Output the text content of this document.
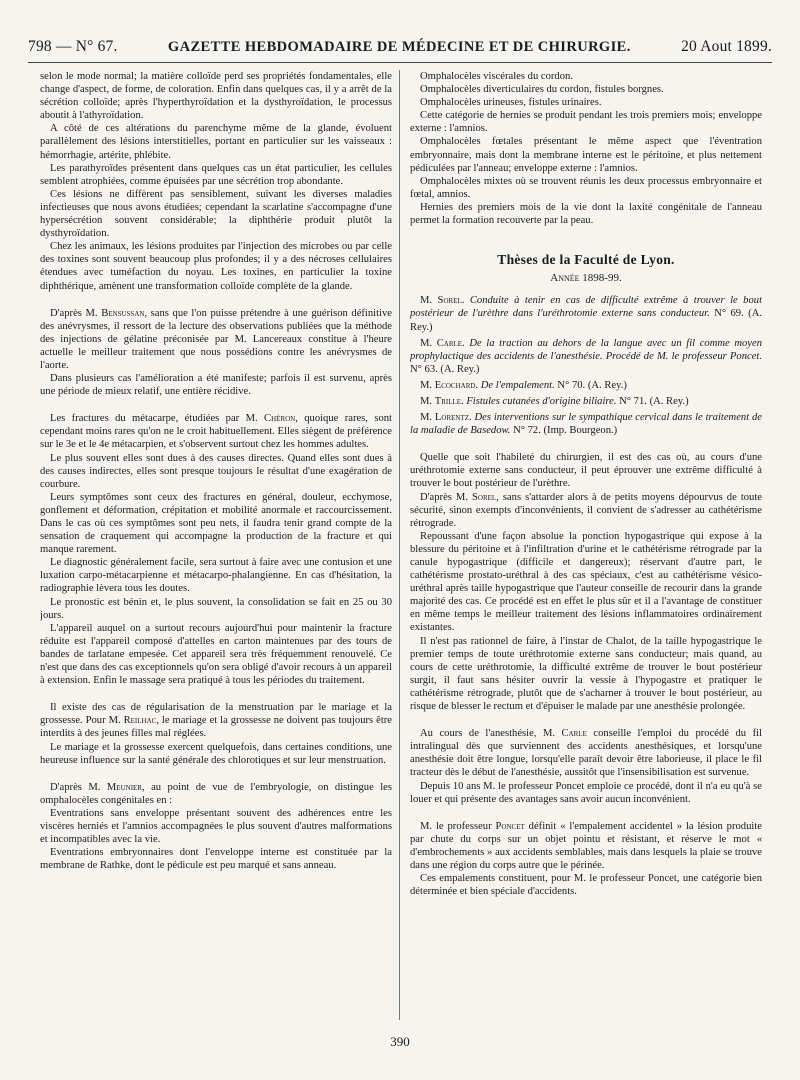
798 — N° 67.	GAZETTE HEBDOMADAIRE DE MÉDECINE ET DE CHIRURGIE.	20 Aout 1899.

selon le mode normal; la matière colloïde perd ses propriétés fondamentales, elle change d'aspect, de forme, de coloration. Enfin dans quelques cas, il y a arrêt de la sécrétion colloïde; après l'hyperthyroïdation et la dysthyroïdation, le processus aboutit à l'athyroïdation.

A côté de ces altérations du parenchyme même de la glande, évoluent parallèlement des lésions interstitielles, portant en particulier sur les vaisseaux : hémorrhagie, artérite, phlébite.

Les parathyroïdes présentent dans quelques cas un état particulier, les cellules semblent atrophiées, comme épuisées par une sécrétion trop abondante.

Ces lésions ne diffèrent pas sensiblement, suivant les diverses maladies infectieuses que nous avons étudiées; cependant la scarlatine s'accompagne d'une hypersécrétion souvent considérable; la diphthérie produit plutôt la dysthyroïdation.

Chez les animaux, les lésions produites par l'injection des microbes ou par celle des toxines sont souvent beaucoup plus profondes; il y a des nécroses cellulaires étendues avec tuméfaction du noyau. Les toxines, en particulier la toxine diphthérique, amènent une transformation colloïde complète de la glande.

D'après M. Bensussan, sans que l'on puisse prétendre à une guérison définitive des anévrysmes, il ressort de la lecture des observations publiées que la méthode des injections de gélatine préconisée par M. Lancereaux constitue à l'heure actuelle le meilleur traitement que nous possédions contre les anévrysmes de l'aorte.

Dans plusieurs cas l'amélioration a été manifeste; parfois il est survenu, après une période de mieux relatif, une entière récidive.

Les fractures du métacarpe, étudiées par M. Chéron, quoique rares, sont cependant moins rares qu'on ne le croit habituellement. Elles siègent de préférence sur le 3e et le 4e métacarpien, et s'observent surtout chez les hommes adultes.

Le plus souvent elles sont dues à des causes directes. Quand elles sont dues à des causes indirectes, elles sont presque toujours le résultat d'une exagération de courbure.

Leurs symptômes sont ceux des fractures en général, douleur, ecchymose, gonflement et déformation, crépitation et mobilité anormale et raccourcissement. Dans le cas où ces symptômes sont peu nets, il faudra tenir grand compte de la sensation de craquement qui accompagne la production de la fracture et qui manque rarement.

Le diagnostic généralement facile, sera surtout à faire avec une contusion et une luxation carpo-métacarpienne et métacarpo-phalangienne. En cas d'hésitation, la radiographie lèvera tous les doutes.

Le pronostic est bénin et, le plus souvent, la consolidation se fait en 25 ou 30 jours.

L'appareil auquel on a surtout recours aujourd'hui pour maintenir la fracture réduite est l'appareil composé d'attelles en carton maintenues par des tours de bandes de tarlatane empesée. Cet appareil sera très fréquemment renouvelé. Ce n'est que dans des cas exceptionnels qu'on sera obligé d'avoir recours à un appareil à extension. Enfin le massage sera pratiqué à tous les périodes du traitement.

Il existe des cas de régularisation de la menstruation par le mariage et la grossesse. Pour M. Reilhac, le mariage et la grossesse ne doivent pas toujours être interdits à des jeunes filles mal réglées.

Le mariage et la grossesse exercent quelquefois, dans certaines conditions, une heureuse influence sur la santé générale des chlorotiques et sur leur menstruation.

D'après M. Meunier, au point de vue de l'embryologie, on distingue les omphalocèles congénitales en :

Eventrations sans enveloppe présentant souvent des adhérences entre les viscères herniés et l'amnios accompagnées le plus souvent d'autres malformations et incompatibles avec la vie.

Eventrations embryonnaires dont l'enveloppe interne est constituée par la membrane de Rathke, dont le pédicule est peu marqué et sans anneau.

Omphalocèles viscérales du cordon.

Omphalocèles diverticulaires du cordon, fistules borgnes.

Omphalocèles urineuses, fistules urinaires.

Cette catégorie de hernies se produit pendant les trois premiers mois; enveloppe externe : l'amnios.

Omphalocèles fœtales présentant le même aspect que l'éventration embryonnaire, mais dont la membrane interne est le péritoine, et plus nettement pédiculées par l'anneau; enveloppe externe : l'amnios.

Omphalocèles mixtes où se trouvent réunis les deux processus embryonnaire et fœtal, amnios.

Hernies des premiers mois de la vie dont la laxité congénitale de l'anneau permet la formation recouverte par la peau.

Thèses de la Faculté de Lyon.
Année 1898-99.

M. Sorel. Conduite à tenir en cas de difficulté extrême à trouver le bout postérieur de l'urèthre dans l'uréthrotomie externe sans conducteur. N° 69. (A. Rey.)

M. Carle. De la traction au dehors de la langue avec un fil comme moyen prophylactique des accidents de l'anesthésie. Procédé de M. le professeur Poncet. N° 63. (A. Rey.)

M. Ecochard. De l'empalement. N° 70. (A. Rey.)

M. Trille. Fistules cutanées d'origine biliaire. N° 71. (A. Rey.)

M. Lorentz. Des interventions sur le sympathique cervical dans le traitement de la maladie de Basedow. N° 72. (Imp. Bourgeon.)

Quelle que soit l'habileté du chirurgien, il est des cas où, au cours d'une uréthrotomie externe sans conducteur, il peut éprouver une extrême difficulté à trouver le bout postérieur de l'urèthre.

D'après M. Sorel, sans s'attarder alors à de petits moyens dépourvus de toute sécurité, sinon exempts d'inconvénients, il convient de s'adresser au cathétérisme rétrograde.

Repoussant d'une façon absolue la ponction hypogastrique qui expose à la blessure du péritoine et à l'infiltration d'urine et le cathétérisme rétrograde par la canule hypogastrique (difficile et dangereux); réservant d'autre part, le cathétérisme prostato-uréthral à des cas spéciaux, c'est au cathétérisme vésico-uréthral après taille hypogastrique que l'auteur conseille de recourir dans la grande majorité des cas. Ce procédé est en effet le plus sûr et il a l'avantage de constituer en même temps le meilleur traitement des lésions inflammatoires ordinairement existantes.

Il n'est pas rationnel de faire, à l'instar de Chalot, de la taille hypogastrique le premier temps de toute uréthrotomie externe sans conducteur; mais quand, au cours de cette uréthrotomie, la difficulté extrême de trouver le bout postérieur surgit, il faut sans hésiter ouvrir la vessie à l'hypogastre et pratiquer le cathétérisme rétrograde, plutôt que de s'acharner à trouver le bout postérieur, au risque de blesser le rectum et d'épuiser le malade par une anesthésie prolongée.

Au cours de l'anesthésie, M. Carle conseille l'emploi du procédé du fil intralingual dès que surviennent des accidents anesthésiques, et lorsqu'une anesthésie doit être longue, lorsqu'elle paraît devoir être laborieuse, il place le fil tracteur dès le début de l'anesthésie, aussitôt que l'insensibilisation est survenue.

Depuis 10 ans M. le professeur Poncet emploie ce procédé, dont il n'a eu qu'à se louer et qui présente des avantages sans avoir aucun inconvénient.

M. le professeur Poncet définit « l'empalement accidentel » la lésion produite par chute du corps sur un objet pointu et résistant, et réserve le mot « d'embrochements » aux accidents semblables, mais dans lesquels la plaie se trouve dans une région du corps autre que le périnée.

Ces empalements constituent, pour M. le professeur Poncet, une catégorie bien déterminée et bien spéciale d'accidents.

390
